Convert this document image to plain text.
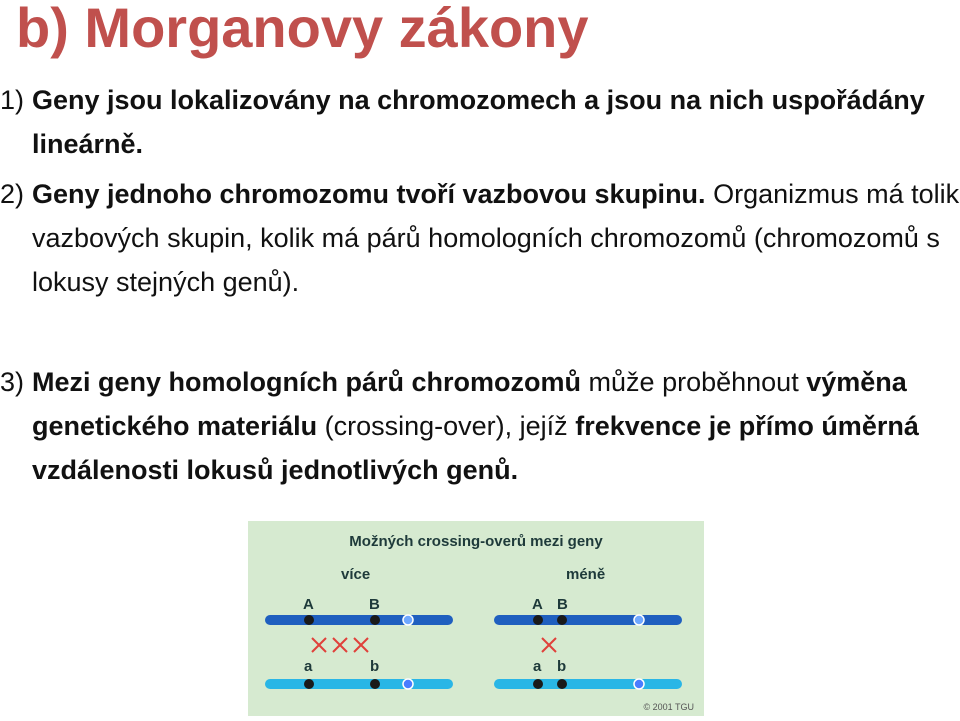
b) Morganovy zákony
1) Geny jsou lokalizovány na chromozomech a jsou na nich uspořádány lineárně.
2) Geny jednoho chromozomu tvoří vazbovou skupinu. Organizmus má tolik vazbových skupin, kolik má párů homologních chromozomů (chromozomů s lokusy stejných genů).
3) Mezi geny homologních párů chromozomů může proběhnout výměna genetického materiálu (crossing-over), jejíž frekvence je přímo úměrná vzdálenosti lokusů jednotlivých genů.
Možných crossing-overů mezi geny
více	méně
A	B
a	b
A B
a b
© 2001 TGU
